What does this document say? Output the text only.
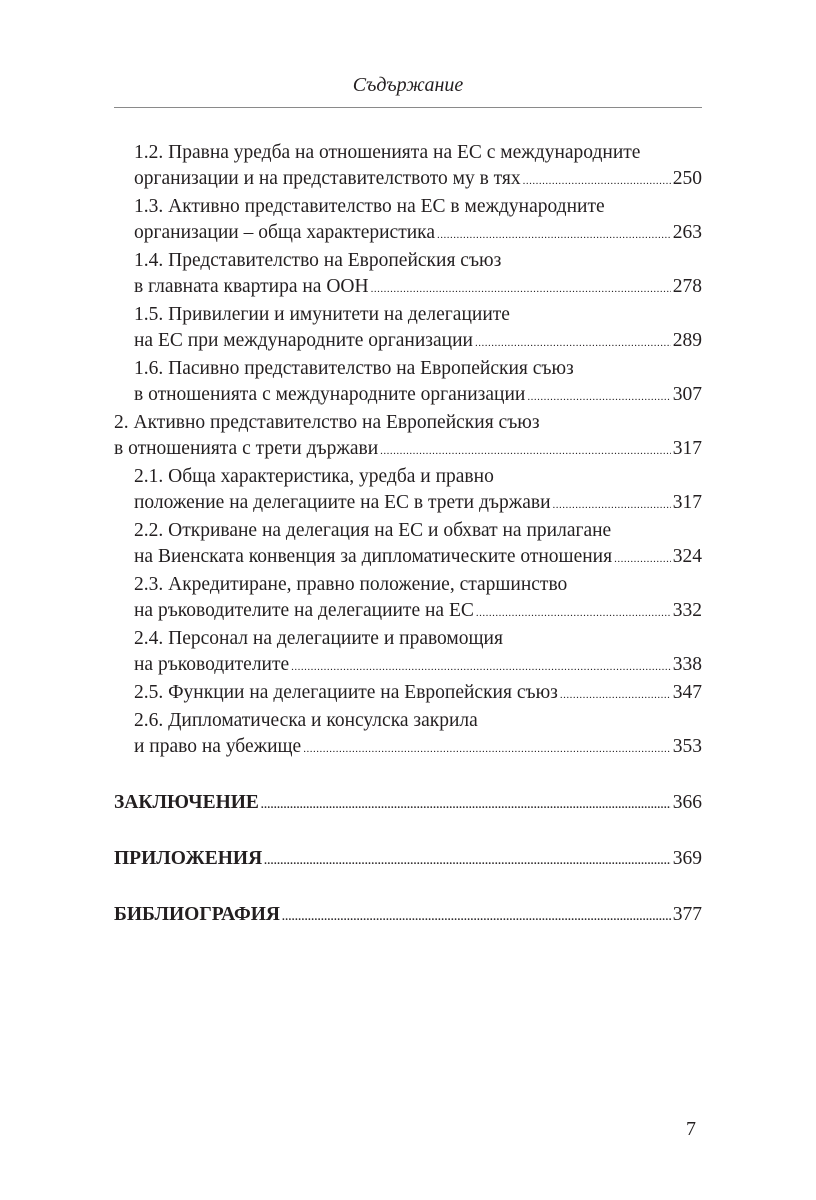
Съдържание
1.2. Правна уредба на отношенията на ЕС с международните
организации и на представителството му в тях .....	250
1.3. Активно представителство на ЕС в международните
организации – обща характеристика .....	263
1.4. Представителство на Европейския съюз
в главната квартира на ООН .....	278
1.5. Привилегии и имунитети на делегациите
на ЕС при международните организации .....	289
1.6. Пасивно представителство на Европейския съюз
в отношенията с международните организации .....	307
2. Активно представителство на Европейския съюз
в отношенията с трети държави .....	317
2.1. Обща характеристика, уредба и правно
положение на делегациите на ЕС в трети държави .....	317
2.2. Откриване на делегация на ЕС и обхват на прилагане
на Виенската конвенция за дипломатическите отношения .....	324
2.3. Акредитиране, правно положение, старшинство
на ръководителите на делегациите на ЕС .....	332
2.4. Персонал на делегациите и правомощия
на ръководителите .....	338
2.5. Функции на делегациите на Европейския съюз .....	347
2.6. Дипломатическа и консулска закрила
и право на убежище .....	353
ЗАКЛЮЧЕНИЕ .....	366
ПРИЛОЖЕНИЯ .....	369
БИБЛИОГРАФИЯ .....	377
7
